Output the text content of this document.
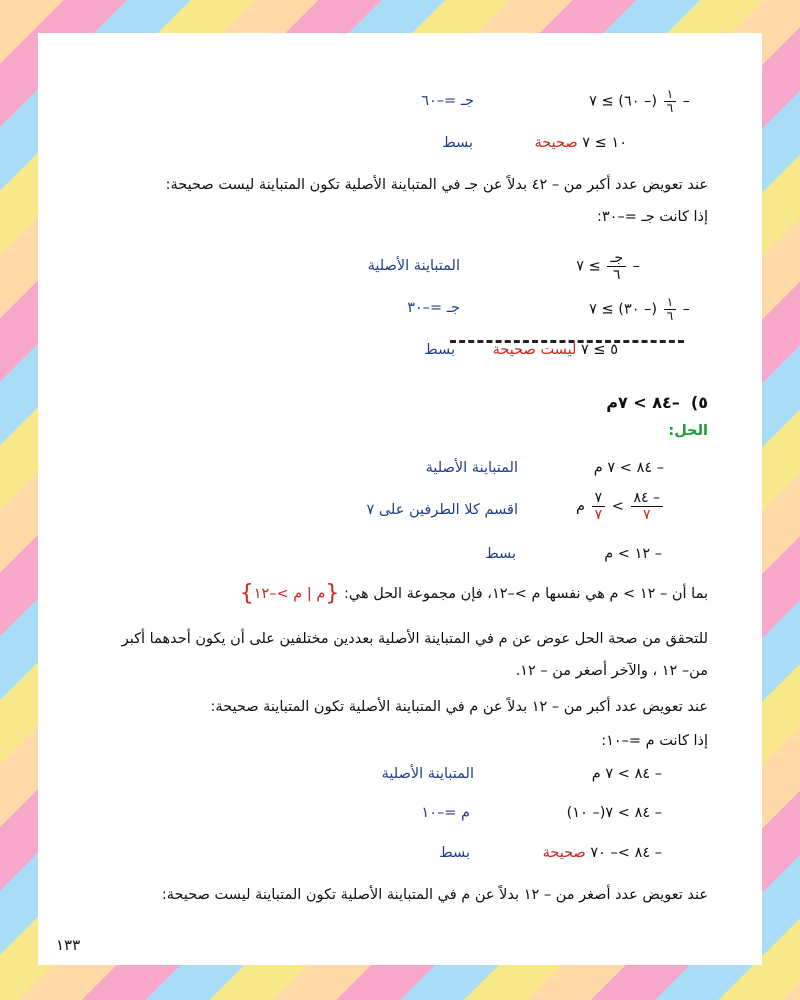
–
$\frac{١}{٦}$
(– ٦٠) ≥ ٧
جـ =–٦٠
١٠ ≥ ٧ صحيحة
بسط
عند تعويض عدد أكبر من – ٤٢ بدلاً عن جـ في المتباينة الأصلية تكون المتباينة ليست صحيحة:
إذا كانت جـ =–٣٠:
–
$\frac{\text{جـ}}{٦}$
≥ ٧
المتباينة الأصلية
–
$\frac{١}{٦}$
(– ٣٠) ≥ ٧
جـ =–٣٠
٥ ≥ ٧ ليست صحيحة
بسط
٥)  –٨٤ > ٧م
الحل:
– ٨٤ > ٧ م
المتباينة الأصلية
$\frac{- ٨٤}{٧}$
>
$\frac{٧}{٧}$
م
اقسم كلا الطرفين على ٧
– ١٢ > م
بسط
بما أن – ١٢ > م هي نفسها م >–١٢، فإن مجموعة الحل هي: {م | م >–١٢}
للتحقق من صحة الحل عوض عن م في المتباينة الأصلية بعددين مختلفين على أن يكون أحدهما أكبر
من– ١٢ ، والآخر أصغر من – ١٢.
عند تعويض عدد أكبر من – ١٢ بدلاً عن م في المتباينة الأصلية تكون المتباينة صحيحة:
إذا كانت م =–١٠:
– ٨٤ > ٧ م
المتباينة الأصلية
– ٨٤ > ٧(– ١٠)
م =–١٠
– ٨٤ >– ٧٠ صحيحة
بسط
عند تعويض عدد أصغر من – ١٢ بدلاً عن م في المتباينة الأصلية تكون المتباينة ليست صحيحة:
١٣٣
